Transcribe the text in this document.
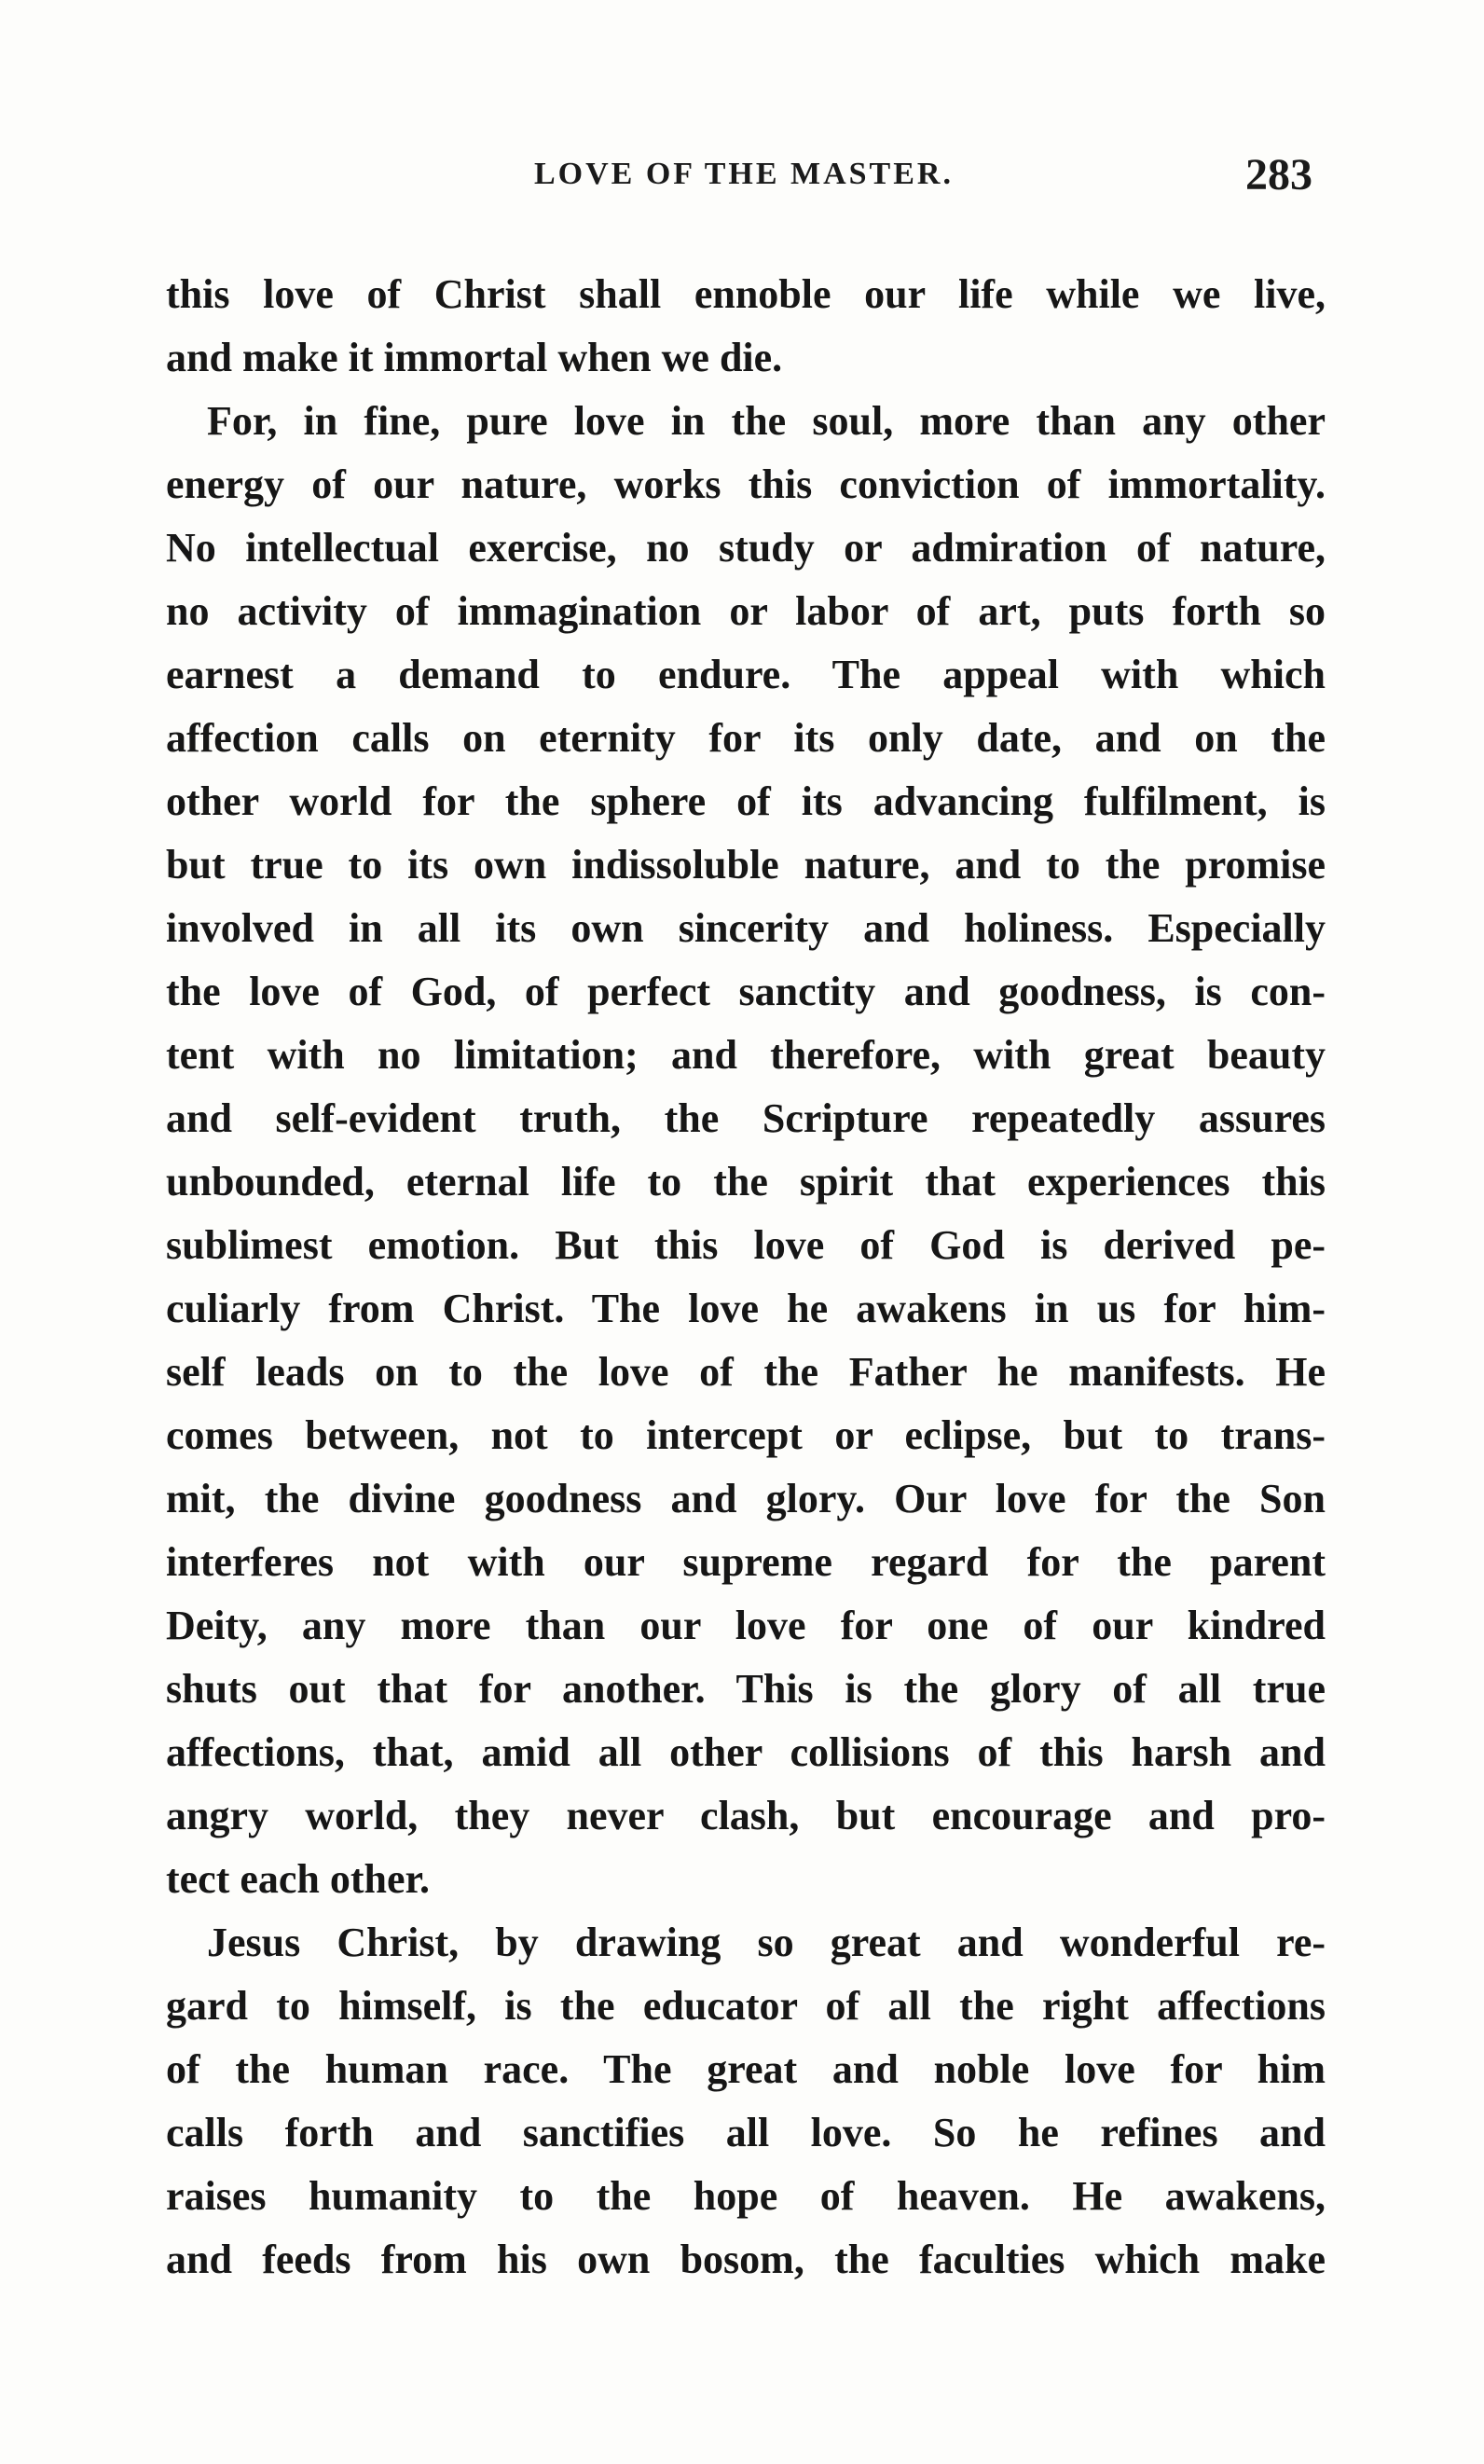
LOVE OF THE MASTER.	283
this love of Christ shall ennoble our life while we live,
and make it immortal when we die.
For, in fine, pure love in the soul, more than any other
energy of our nature, works this conviction of immortality.
No intellectual exercise, no study or admiration of nature,
no activity of immagination or labor of art, puts forth so
earnest a demand to endure. The appeal with which
affection calls on eternity for its only date, and on the
other world for the sphere of its advancing fulfilment, is
but true to its own indissoluble nature, and to the promise
involved in all its own sincerity and holiness. Especially
the love of God, of perfect sanctity and goodness, is con-
tent with no limitation; and therefore, with great beauty
and self-evident truth, the Scripture repeatedly assures
unbounded, eternal life to the spirit that experiences this
sublimest emotion. But this love of God is derived pe-
culiarly from Christ. The love he awakens in us for him-
self leads on to the love of the Father he manifests. He
comes between, not to intercept or eclipse, but to trans-
mit, the divine goodness and glory. Our love for the Son
interferes not with our supreme regard for the parent
Deity, any more than our love for one of our kindred
shuts out that for another. This is the glory of all true
affections, that, amid all other collisions of this harsh and
angry world, they never clash, but encourage and pro-
tect each other.
Jesus Christ, by drawing so great and wonderful re-
gard to himself, is the educator of all the right affections
of the human race. The great and noble love for him
calls forth and sanctifies all love. So he refines and
raises humanity to the hope of heaven. He awakens,
and feeds from his own bosom, the faculties which make
